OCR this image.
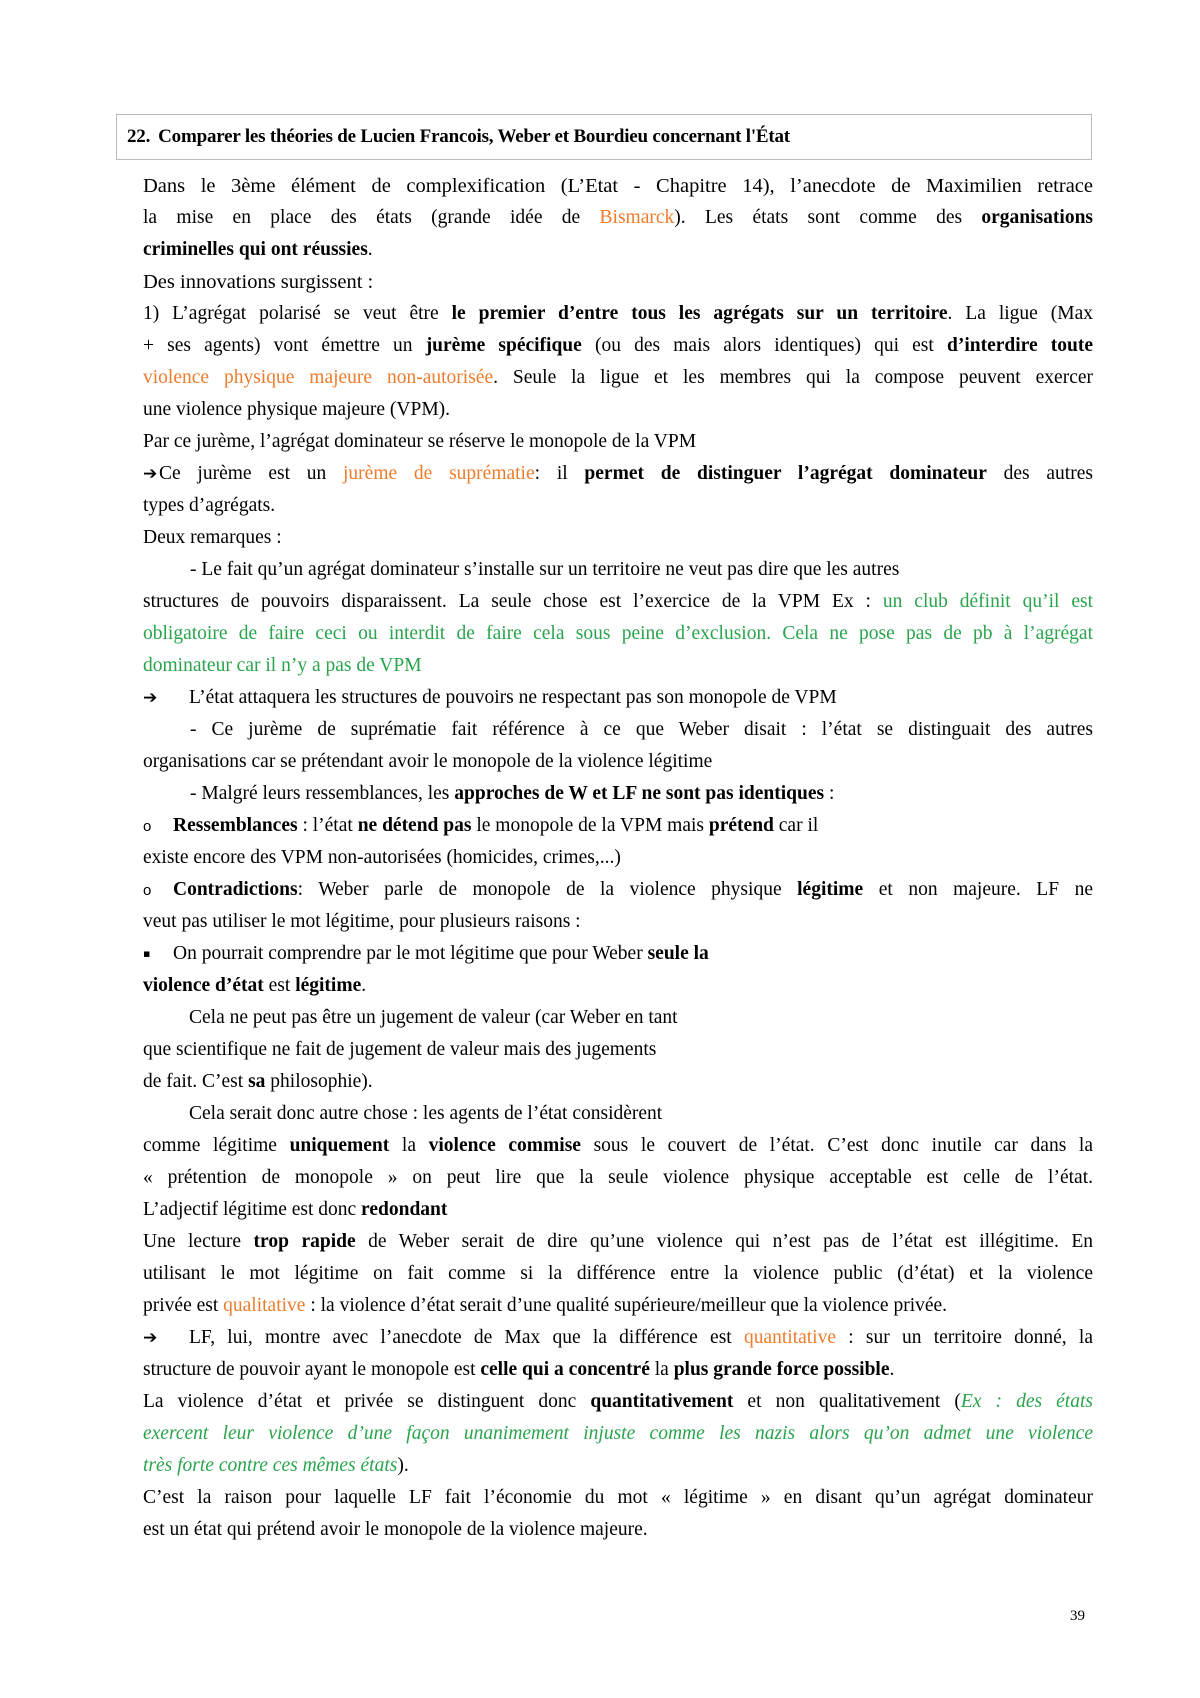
22. Comparer les théories de Lucien Francois, Weber et Bourdieu concernant l'État
Dans le 3ème élément de complexification (L’Etat - Chapitre 14), l’anecdote de Maximilien retrace
la mise en place des états (grande idée de Bismarck). Les états sont comme des organisations
criminelles qui ont réussies.
Des innovations surgissent :
1) L’agrégat polarisé se veut être le premier d’entre tous les agrégats sur un territoire. La ligue (Max
+ ses agents) vont émettre un jurème spécifique (ou des mais alors identiques) qui est d’interdire toute
violence physique majeure non-autorisée. Seule la ligue et les membres qui la compose peuvent exercer
une violence physique majeure (VPM).
Par ce jurème, l’agrégat dominateur se réserve le monopole de la VPM
➔Ce jurème est un jurème de suprématie: il permet de distinguer l’agrégat dominateur des autres
types d’agrégats.
Deux remarques :
- Le fait qu’un agrégat dominateur s’installe sur un territoire ne veut pas dire que les autres
structures de pouvoirs disparaissent. La seule chose est l’exercice de la VPM Ex : un club définit qu’il est
obligatoire de faire ceci ou interdit de faire cela sous peine d’exclusion. Cela ne pose pas de pb à l’agrégat
dominateur car il n’y a pas de VPM
➔ L’état attaquera les structures de pouvoirs ne respectant pas son monopole de VPM
- Ce jurème de suprématie fait référence à ce que Weber disait : l’état se distinguait des autres
organisations car se prétendant avoir le monopole de la violence légitime
- Malgré leurs ressemblances, les approches de W et LF ne sont pas identiques :
o Ressemblances : l’état ne détend pas le monopole de la VPM mais prétend car il
existe encore des VPM non-autorisées (homicides, crimes,...)
o Contradictions: Weber parle de monopole de la violence physique légitime et non majeure. LF ne
veut pas utiliser le mot légitime, pour plusieurs raisons :
▪ On pourrait comprendre par le mot légitime que pour Weber seule la
violence d’état est légitime.
Cela ne peut pas être un jugement de valeur (car Weber en tant
que scientifique ne fait de jugement de valeur mais des jugements
de fait. C’est sa philosophie).
Cela serait donc autre chose : les agents de l’état considèrent
comme légitime uniquement la violence commise sous le couvert de l’état. C’est donc inutile car dans la
« prétention de monopole » on peut lire que la seule violence physique acceptable est celle de l’état.
L’adjectif légitime est donc redondant
Une lecture trop rapide de Weber serait de dire qu’une violence qui n’est pas de l’état est illégitime. En
utilisant le mot légitime on fait comme si la différence entre la violence public (d’état) et la violence
privée est qualitative : la violence d’état serait d’une qualité supérieure/meilleur que la violence privée.
➔ LF, lui, montre avec l’anecdote de Max que la différence est quantitative : sur un territoire donné, la
structure de pouvoir ayant le monopole est celle qui a concentré la plus grande force possible.
La violence d’état et privée se distinguent donc quantitativement et non qualitativement (Ex : des états
exercent leur violence d’une façon unanimement injuste comme les nazis alors qu’on admet une violence
très forte contre ces mêmes états).
C’est la raison pour laquelle LF fait l’économie du mot « légitime » en disant qu’un agrégat dominateur
est un état qui prétend avoir le monopole de la violence majeure.
39
